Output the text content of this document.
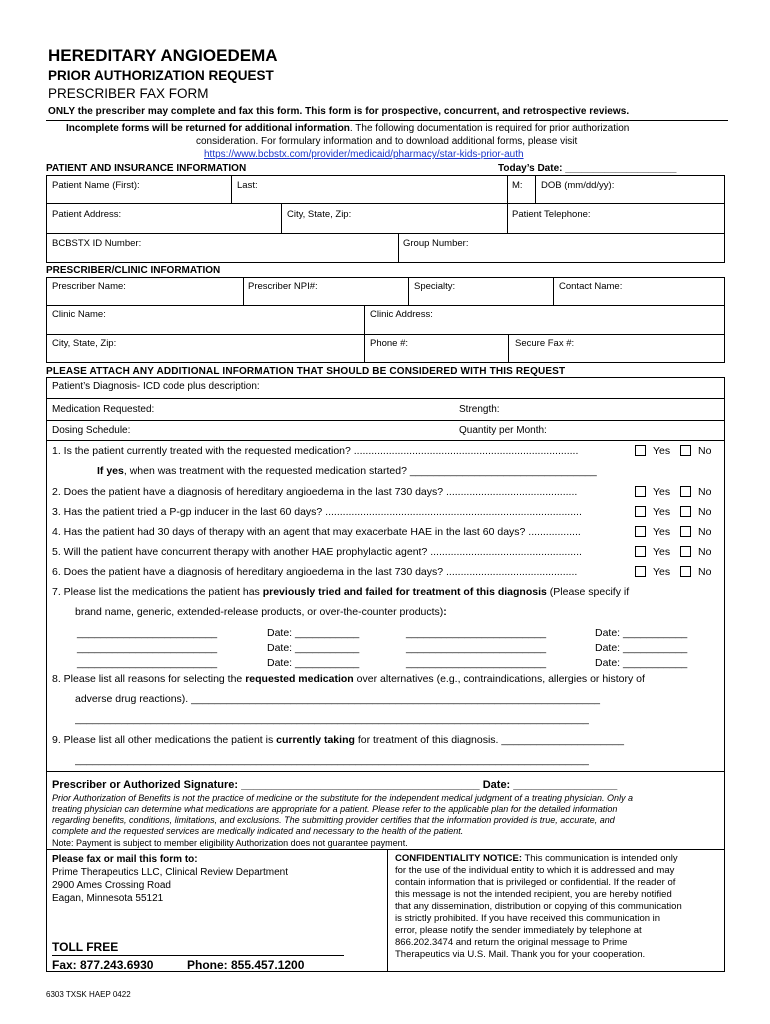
HEREDITARY ANGIOEDEMA
PRIOR AUTHORIZATION REQUEST
PRESCRIBER FAX FORM
ONLY the prescriber may complete and fax this form. This form is for prospective, concurrent, and retrospective reviews.
Incomplete forms will be returned for additional information. The following documentation is required for prior authorization
consideration. For formulary information and to download additional forms, please visit
https://www.bcbstx.com/provider/medicaid/pharmacy/star-kids-prior-auth
PATIENT AND INSURANCE INFORMATION	Today’s Date: ____________________
Patient Name (First):	Last:	M: DOB (mm/dd/yy):
Patient Address:	City, State, Zip:	Patient Telephone:
BCBSTX ID Number:	Group Number:
PRESCRIBER/CLINIC INFORMATION
Prescriber Name:	Prescriber NPI#:	Specialty:	Contact Name:
Clinic Name:	Clinic Address:
City, State, Zip:	Phone #:	Secure Fax #:
PLEASE ATTACH ANY ADDITIONAL INFORMATION THAT SHOULD BE CONSIDERED WITH THIS REQUEST
Patient’s Diagnosis- ICD code plus description:
Medication Requested:	Strength:
Dosing Schedule:	Quantity per Month:
1. Is the patient currently treated with the requested medication? .............................................................................	Yes	No
If yes, when was treatment with the requested medication started? ________________________________
2. Does the patient have a diagnosis of hereditary angioedema in the last 730 days? .............................................	Yes	No
3. Has the patient tried a P-gp inducer in the last 60 days? ........................................................................................	Yes	No
4. Has the patient had 30 days of therapy with an agent that may exacerbate HAE in the last 60 days? ..................	Yes	No
5. Will the patient have concurrent therapy with another HAE prophylactic agent? ....................................................	Yes	No
6. Does the patient have a diagnosis of hereditary angioedema in the last 730 days? .............................................	Yes	No
7. Please list the medications the patient has previously tried and failed for treatment of this diagnosis (Please specify if
brand name, generic, extended-release products, or over-the-counter products):
________________________	Date: ___________	________________________	Date: ___________
________________________	Date: ___________	________________________	Date: ___________
________________________	Date: ___________	________________________	Date: ___________
8. Please list all reasons for selecting the requested medication over alternatives (e.g., contraindications, allergies or history of
adverse drug reactions). ______________________________________________________________________
________________________________________________________________________________________
9. Please list all other medications the patient is currently taking for treatment of this diagnosis. _____________________
________________________________________________________________________________________
Prescriber or Authorized Signature: _______________________________________ Date: _________________
Prior Authorization of Benefits is not the practice of medicine or the substitute for the independent medical judgment of a treating physician. Only a
treating physician can determine what medications are appropriate for a patient. Please refer to the applicable plan for the detailed information
regarding benefits, conditions, limitations, and exclusions. The submitting provider certifies that the information provided is true, accurate, and
complete and the requested services are medically indicated and necessary to the health of the patient.
Note: Payment is subject to member eligibility Authorization does not guarantee payment.
Please fax or mail this form to:
Prime Therapeutics LLC, Clinical Review Department
2900 Ames Crossing Road
Eagan, Minnesota 55121
TOLL FREE
Fax: 877.243.6930	Phone: 855.457.1200
CONFIDENTIALITY NOTICE: This communication is intended only
for the use of the individual entity to which it is addressed and may
contain information that is privileged or confidential. If the reader of
this message is not the intended recipient, you are hereby notified
that any dissemination, distribution or copying of this communication
is strictly prohibited. If you have received this communication in
error, please notify the sender immediately by telephone at
866.202.3474 and return the original message to Prime
Therapeutics via U.S. Mail. Thank you for your cooperation.
6303 TXSK HAEP 0422
